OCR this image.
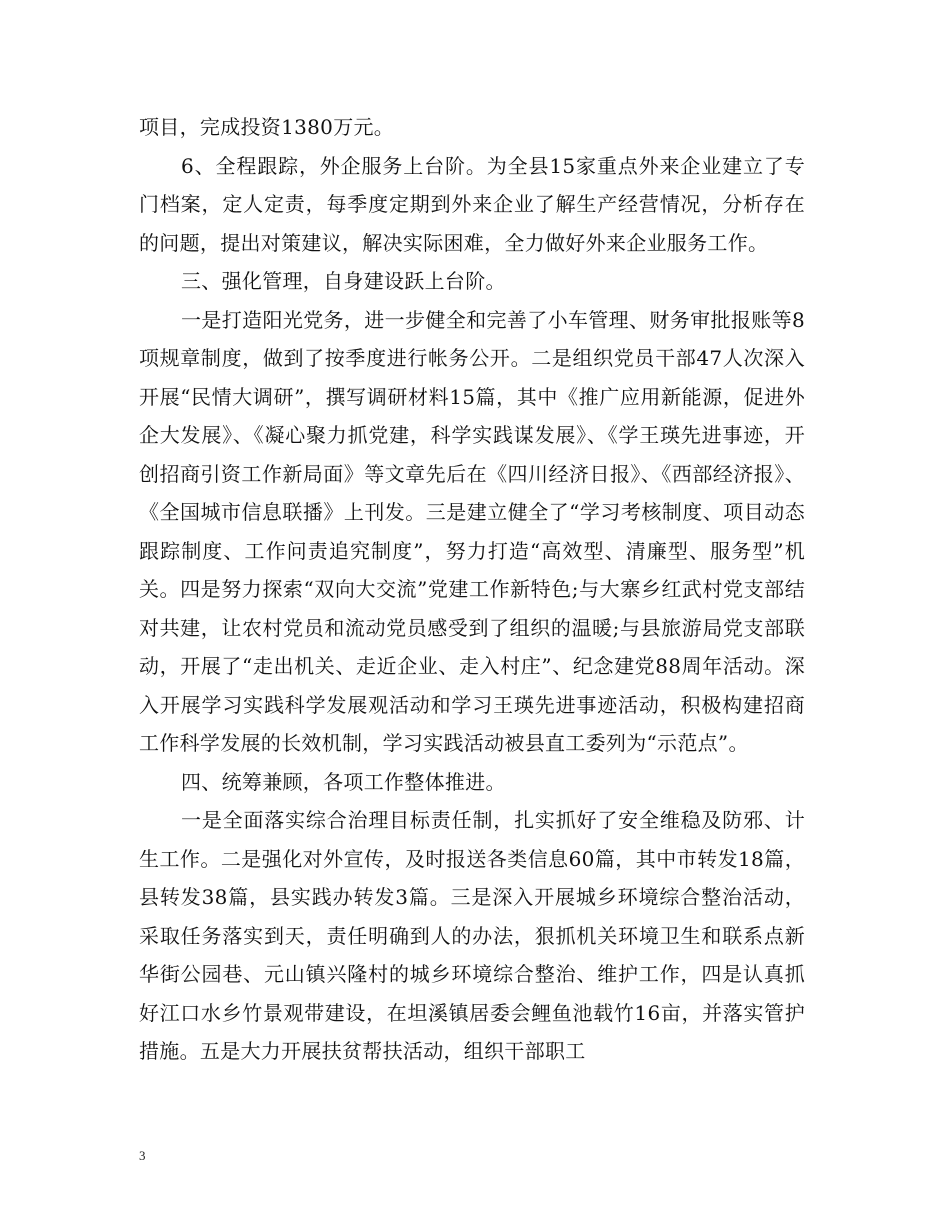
项目，完成投资1380万元。

6、全程跟踪，外企服务上台阶。为全县15家重点外来企业建立了专门档案，定人定责，每季度定期到外来企业了解生产经营情况，分析存在的问题，提出对策建议，解决实际困难，全力做好外来企业服务工作。

三、强化管理，自身建设跃上台阶。

一是打造阳光党务，进一步健全和完善了小车管理、财务审批报账等8项规章制度，做到了按季度进行帐务公开。二是组织党员干部47人次深入开展“民情大调研”，撰写调研材料15篇，其中《推广应用新能源，促进外企大发展》、《凝心聚力抓党建，科学实践谋发展》、《学王瑛先进事迹，开创招商引资工作新局面》等文章先后在《四川经济日报》、《西部经济报》、《全国城市信息联播》上刊发。三是建立健全了“学习考核制度、项目动态跟踪制度、工作问责追究制度”，努力打造“高效型、清廉型、服务型”机关。四是努力探索“双向大交流”党建工作新特色;与大寨乡红武村党支部结对共建，让农村党员和流动党员感受到了组织的温暖;与县旅游局党支部联动，开展了“走出机关、走近企业、走入村庄”、纪念建党88周年活动。深入开展学习实践科学发展观活动和学习王瑛先进事迹活动，积极构建招商工作科学发展的长效机制，学习实践活动被县直工委列为“示范点”。

四、统筹兼顾，各项工作整体推进。

一是全面落实综合治理目标责任制，扎实抓好了安全维稳及防邪、计生工作。二是强化对外宣传，及时报送各类信息60篇，其中市转发18篇，县转发38篇，县实践办转发3篇。三是深入开展城乡环境综合整治活动，采取任务落实到天，责任明确到人的办法，狠抓机关环境卫生和联系点新华街公园巷、元山镇兴隆村的城乡环境综合整治、维护工作，四是认真抓好江口水乡竹景观带建设，在坦溪镇居委会鲤鱼池载竹16亩，并落实管护措施。五是大力开展扶贫帮扶活动，组织干部职工

3
